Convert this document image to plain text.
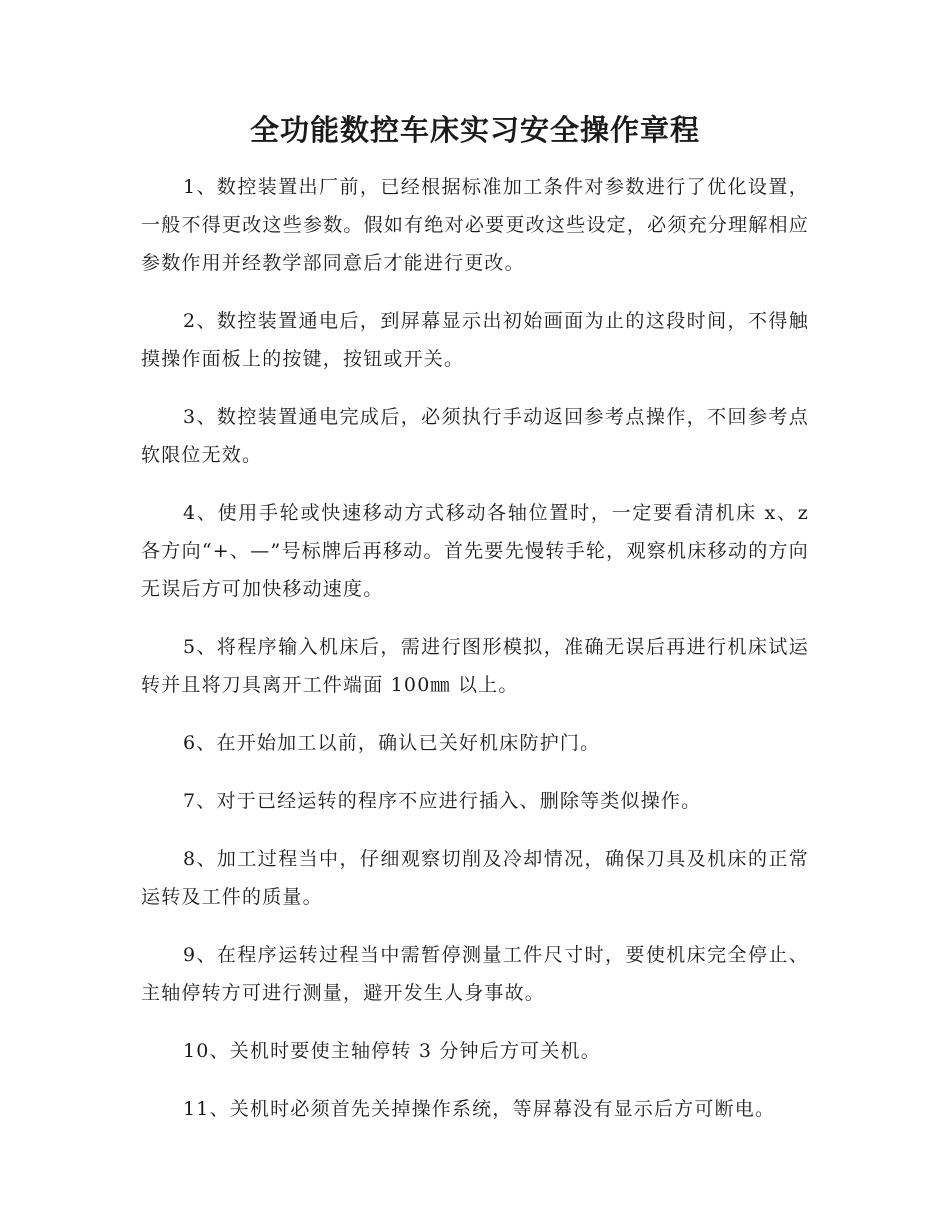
全功能数控车床实习安全操作章程

1、数控装置出厂前，已经根据标准加工条件对参数进行了优化设置，一般不得更改这些参数。假如有绝对必要更改这些设定，必须充分理解相应参数作用并经教学部同意后才能进行更改。

2、数控装置通电后，到屏幕显示出初始画面为止的这段时间，不得触摸操作面板上的按键，按钮或开关。

3、数控装置通电完成后，必须执行手动返回参考点操作，不回参考点软限位无效。

4、使用手轮或快速移动方式移动各轴位置时，一定要看清机床 x、z 各方向“+、—”号标牌后再移动。首先要先慢转手轮，观察机床移动的方向无误后方可加快移动速度。

5、将程序输入机床后，需进行图形模拟，准确无误后再进行机床试运转并且将刀具离开工件端面 100㎜ 以上。

6、在开始加工以前，确认已关好机床防护门。

7、对于已经运转的程序不应进行插入、删除等类似操作。

8、加工过程当中，仔细观察切削及冷却情况，确保刀具及机床的正常运转及工件的质量。

9、在程序运转过程当中需暂停测量工件尺寸时，要使机床完全停止、主轴停转方可进行测量，避开发生人身事故。

10、关机时要使主轴停转 3 分钟后方可关机。

11、关机时必须首先关掉操作系统，等屏幕没有显示后方可断电。
